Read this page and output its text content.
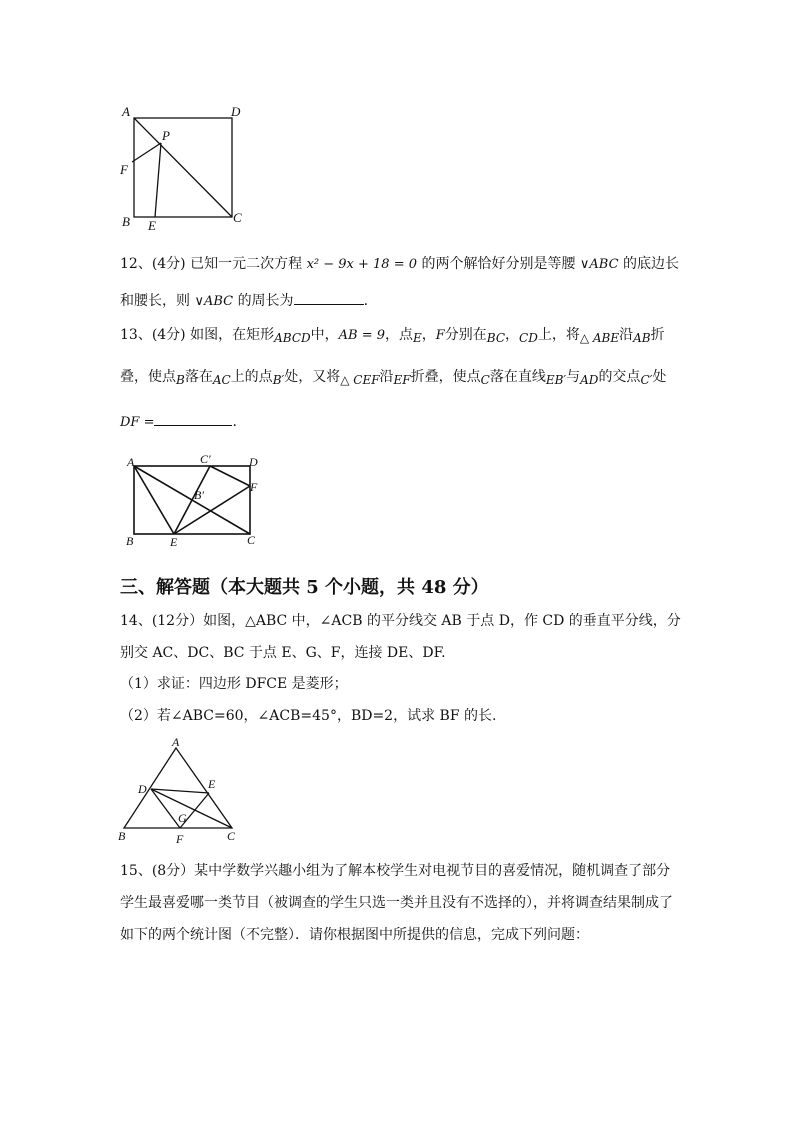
A	D
P
F
B E
C
12、(4分) 已知一元二次方程 x² − 9x + 18 = 0 的两个解恰好分别是等腰 ∨ABC 的底边长
和腰长，则 ∨ABC 的周长为	.
13、(4分) 如图，在矩形ABCD中，AB = 9，点E，F分别在BC，CD上，将△ ABE沿AB折
叠，使点B落在AC上的点B′处，又将△ CEF沿EF折叠，使点C落在直线EB′与AD的交点C′处
DF =	.
A	C′	D
B′
F
B	E	C
三、解答题（本大题共 5 个小题，共 48 分）
14、(12分）如图，△ABC 中，∠ACB 的平分线交 AB 于点 D，作 CD 的垂直平分线，分
别交 AC、DC、BC 于点 E、G、F，连接 DE、DF.
（1）求证：四边形 DFCE 是菱形；
（2）若∠ABC=60，∠ACB=45°，BD=2，试求 BF 的长.
A
D	E
G
B	F	C
15、(8分）某中学数学兴趣小组为了解本校学生对电视节目的喜爱情况，随机调查了部分
学生最喜爱哪一类节目（被调查的学生只选一类并且没有不选择的），并将调查结果制成了
如下的两个统计图（不完整）．请你根据图中所提供的信息，完成下列问题：
